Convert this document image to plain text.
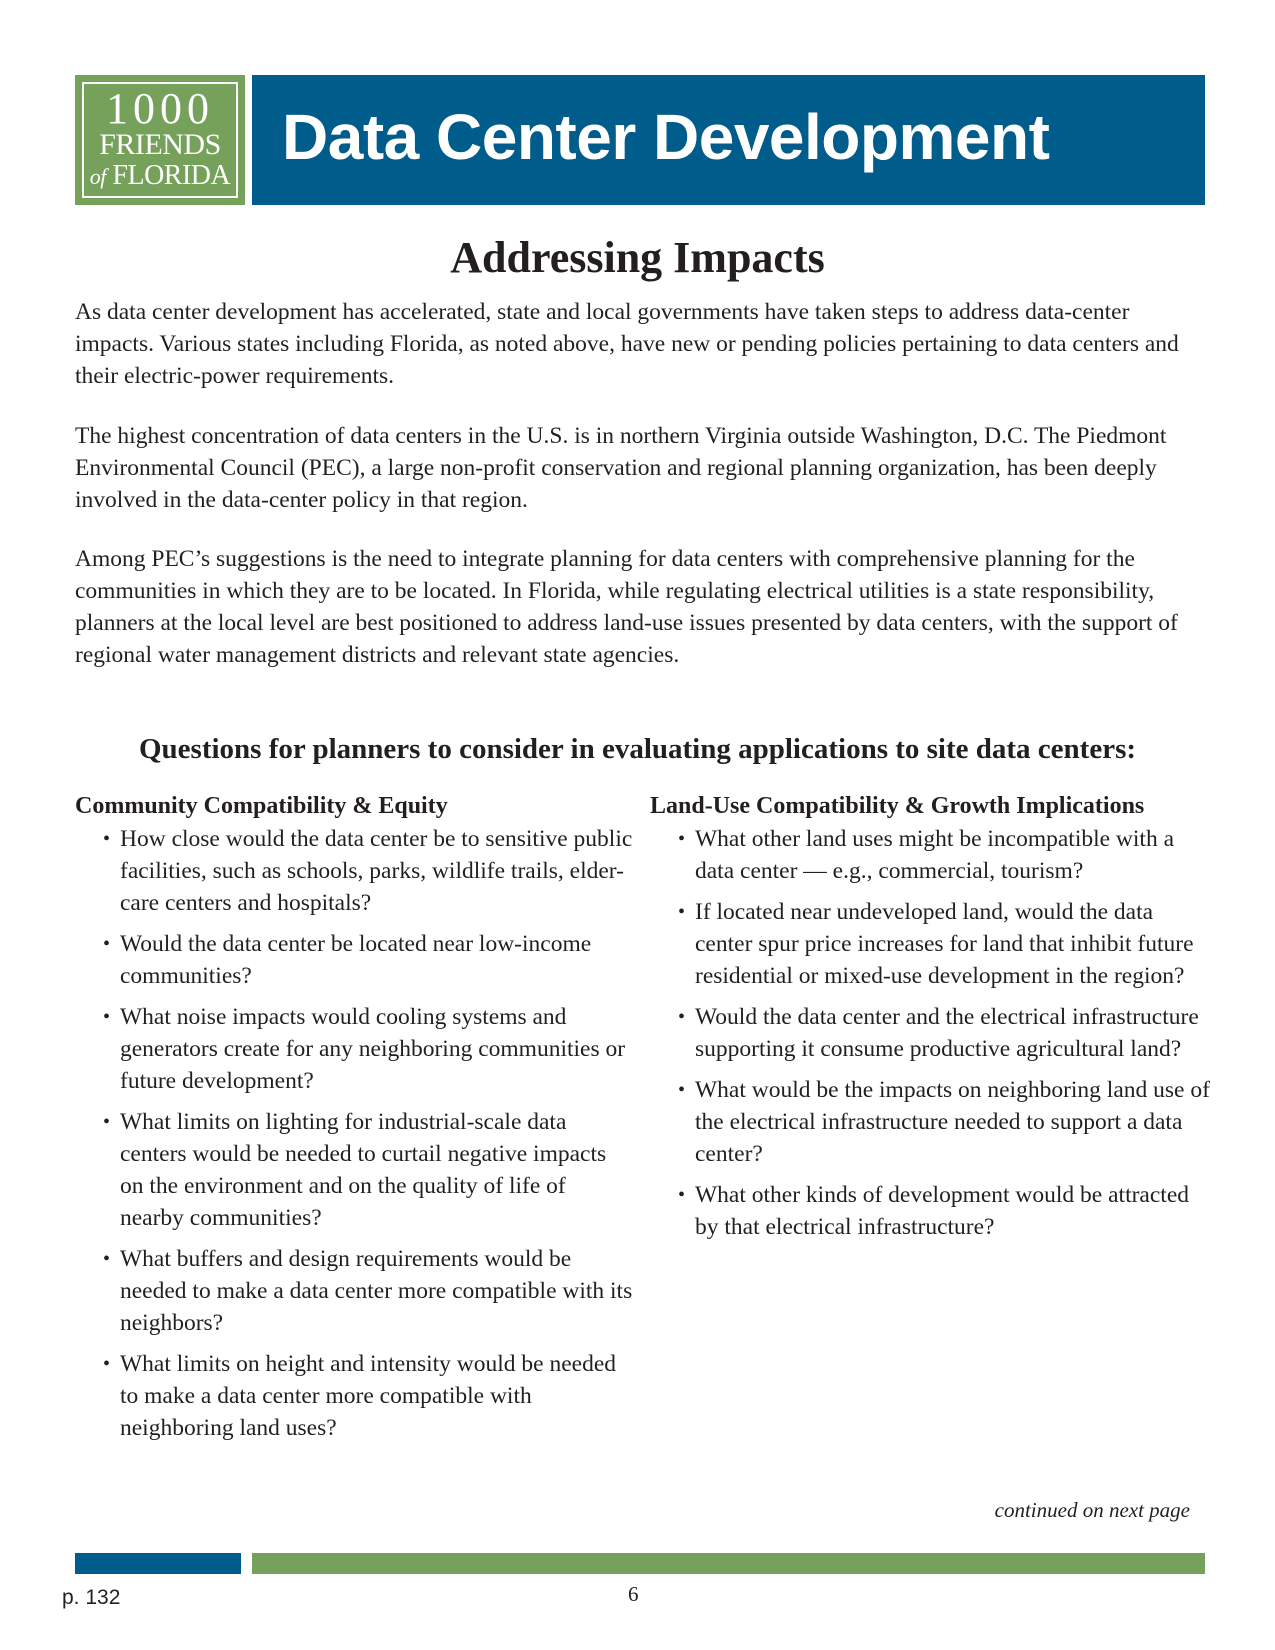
1000
FRIENDS
of FLORIDA
Data Center Development
Addressing Impacts

As data center development has accelerated, state and local governments have taken steps to address data-center impacts. Various states including Florida, as noted above, have new or pending policies pertaining to data centers and their electric-power requirements.

The highest concentration of data centers in the U.S. is in northern Virginia outside Washington, D.C. The Piedmont Environmental Council (PEC), a large non-profit conservation and regional planning organization, has been deeply involved in the data-center policy in that region.

Among PEC’s suggestions is the need to integrate planning for data centers with comprehensive planning for the communities in which they are to be located. In Florida, while regulating electrical utilities is a state responsibility, planners at the local level are best positioned to address land-use issues presented by data centers, with the support of regional water management districts and relevant state agencies.

Questions for planners to consider in evaluating applications to site data centers:
Community Compatibility & Equity
• How close would the data center be to sensitive public facilities, such as schools, parks, wildlife trails, elder-care centers and hospitals?
• Would the data center be located near low-income communities?
• What noise impacts would cooling systems and generators create for any neighboring communities or future development?
• What limits on lighting for industrial-scale data centers would be needed to curtail negative impacts on the environment and on the quality of life of nearby communities?
• What buffers and design requirements would be needed to make a data center more compatible with its neighbors?
• What limits on height and intensity would be needed to make a data center more compatible with neighboring land uses?
Land-Use Compatibility & Growth Implications
• What other land uses might be incompatible with a data center — e.g., commercial, tourism?
• If located near undeveloped land, would the data center spur price increases for land that inhibit future residential or mixed-use development in the region?
• Would the data center and the electrical infrastructure supporting it consume productive agricultural land?
• What would be the impacts on neighboring land use of the electrical infrastructure needed to support a data center?
• What other kinds of development would be attracted by that electrical infrastructure?

continued on next page

p. 132	6
